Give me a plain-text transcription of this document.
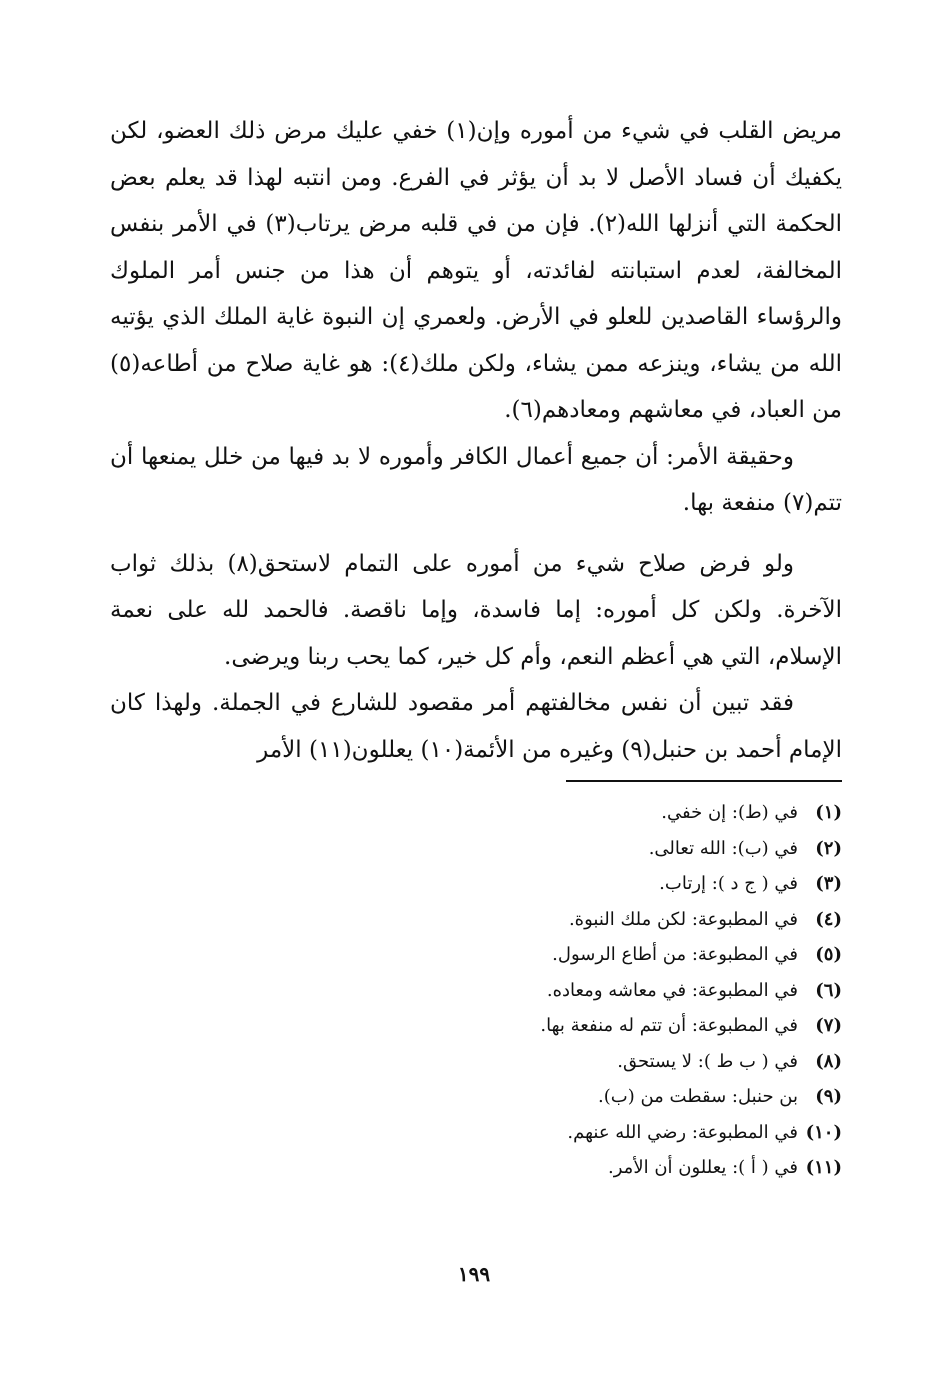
مريض القلب في شيء من أموره وإن(١) خفي عليك مرض ذلك العضو، لكن يكفيك أن فساد الأصل لا بد أن يؤثر في الفرع. ومن انتبه لهذا قد يعلم بعض الحكمة التي أنزلها الله(٢). فإن من في قلبه مرض يرتاب(٣) في الأمر بنفس المخالفة، لعدم استبانته لفائدته، أو يتوهم أن هذا من جنس أمر الملوك والرؤساء القاصدين للعلو في الأرض. ولعمري إن النبوة غاية الملك الذي يؤتيه الله من يشاء، وينزعه ممن يشاء، ولكن ملك(٤): هو غاية صلاح من أطاعه(٥) من العباد، في معاشهم ومعادهم(٦).

وحقيقة الأمر: أن جميع أعمال الكافر وأموره لا بد فيها من خلل يمنعها أن تتم(٧) منفعة بها.

ولو فرض صلاح شيء من أموره على التمام لاستحق(٨) بذلك ثواب الآخرة. ولكن كل أموره: إما فاسدة، وإما ناقصة. فالحمد لله على نعمة الإسلام، التي هي أعظم النعم، وأم كل خير، كما يحب ربنا ويرضى.

فقد تبين أن نفس مخالفتهم أمر مقصود للشارع في الجملة. ولهذا كان الإمام أحمد بن حنبل(٩) وغيره من الأئمة(١٠) يعللون(١١) الأمر

(١)
في (ط): إن خفي.
(٢)
في (ب): الله تعالى.
(٣)
في ( ج د ): إرتاب.
(٤)
في المطبوعة: لكن ملك النبوة.
(٥)
في المطبوعة: من أطاع الرسول.
(٦)
في المطبوعة: في معاشه ومعاده.
(٧)
في المطبوعة: أن تتم له منفعة بها.
(٨)
في ( ب ط ): لا يستحق.
(٩)
بن حنبل: سقطت من (ب).
(١٠)
في المطبوعة: رضي الله عنهم.
(١١)
في ( أ ): يعللون أن الأمر.
١٩٩
